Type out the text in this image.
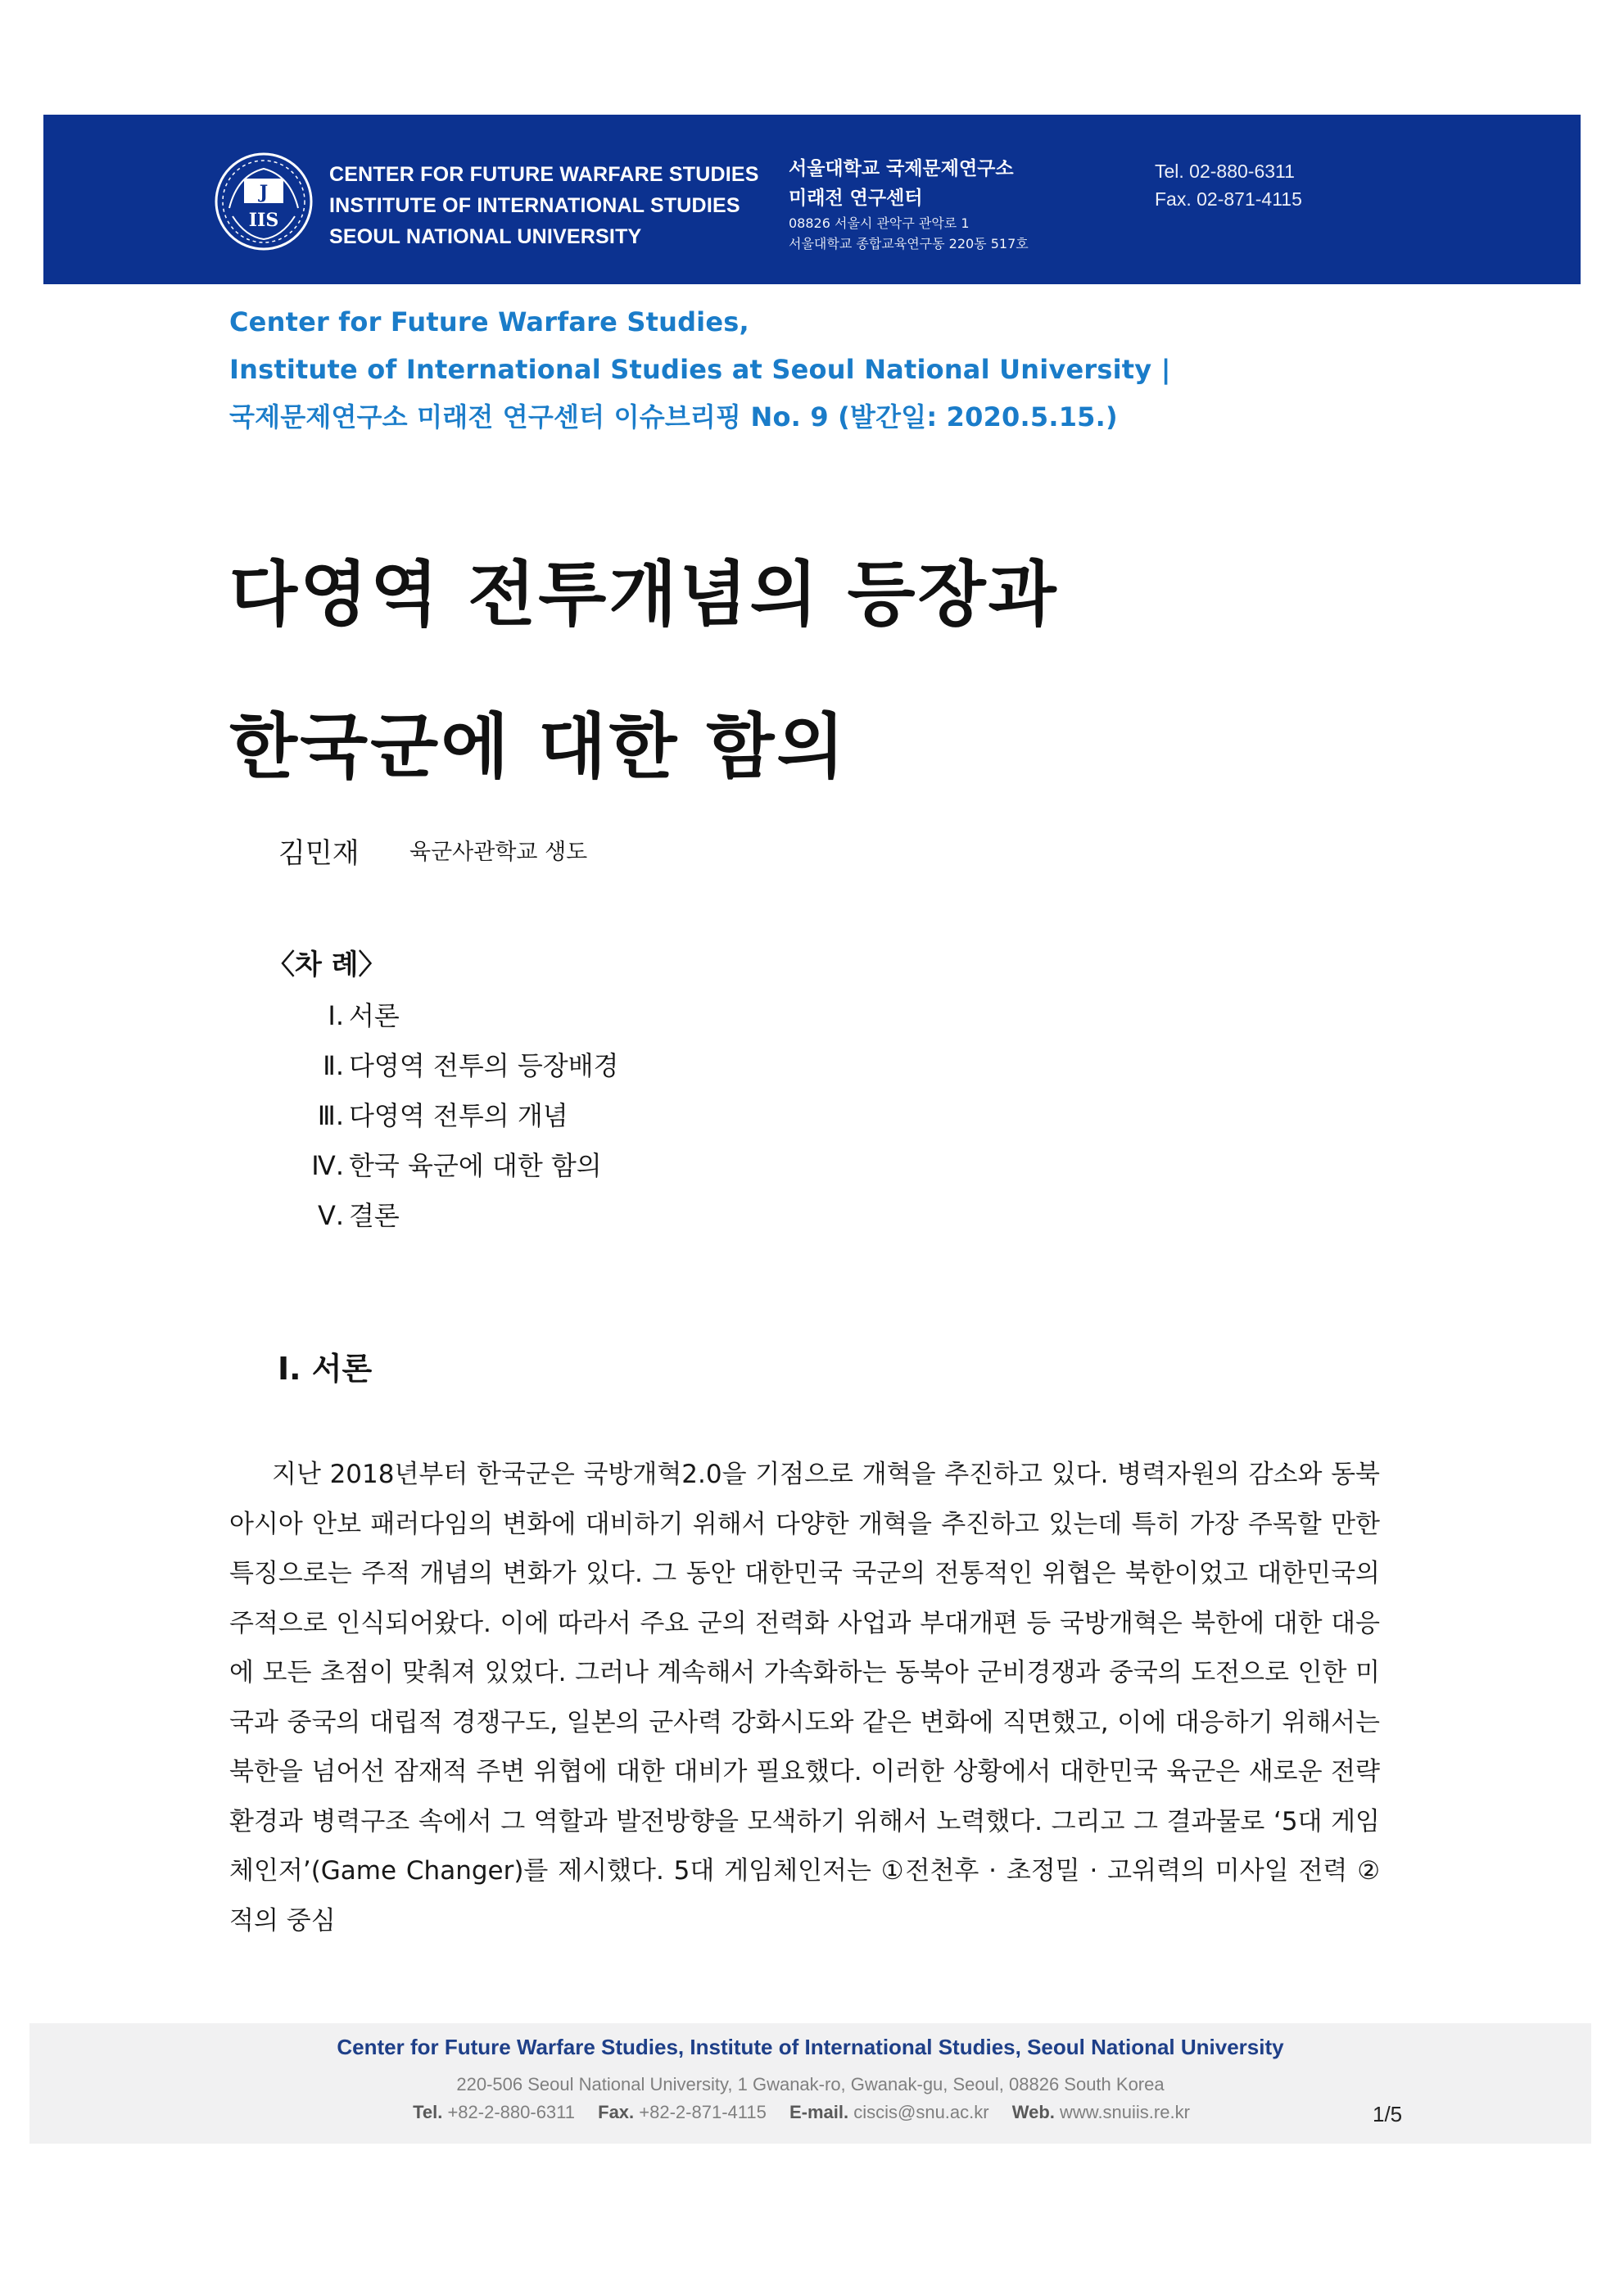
J
IIS
CENTER FOR FUTURE WARFARE STUDIES
INSTITUTE OF INTERNATIONAL STUDIES
SEOUL NATIONAL UNIVERSITY
서울대학교 국제문제연구소
미래전 연구센터
08826 서울시 관악구 관악로 1
서울대학교 종합교육연구동 220동 517호
Tel. 02-880-6311
Fax. 02-871-4115
Center for Future Warfare Studies,
Institute of International Studies at Seoul National University |
국제문제연구소 미래전 연구센터 이슈브리핑 No. 9 (발간일: 2020.5.15.)
다영역 전투개념의 등장과
한국군에 대한 함의
김민재 육군사관학교 생도
〈차 례〉
Ⅰ. 서론
Ⅱ. 다영역 전투의 등장배경
Ⅲ. 다영역 전투의 개념
Ⅳ. 한국 육군에 대한 함의
Ⅴ. 결론
Ⅰ. 서론
지난 2018년부터 한국군은 국방개혁2.0을 기점으로 개혁을 추진하고 있다. 병력자원의 감소와 동북아시아 안보 패러다임의 변화에 대비하기 위해서 다양한 개혁을 추진하고 있는데 특히 가장 주목할 만한 특징으로는 주적 개념의 변화가 있다. 그 동안 대한민국 국군의 전통적인 위협은 북한이었고 대한민국의 주적으로 인식되어왔다. 이에 따라서 주요 군의 전력화 사업과 부대개편 등 국방개혁은 북한에 대한 대응에 모든 초점이 맞춰져 있었다. 그러나 계속해서 가속화하는 동북아 군비경쟁과 중국의 도전으로 인한 미국과 중국의 대립적 경쟁구도, 일본의 군사력 강화시도와 같은 변화에 직면했고, 이에 대응하기 위해서는 북한을 넘어선 잠재적 주변 위협에 대한 대비가 필요했다. 이러한 상황에서 대한민국 육군은 새로운 전략환경과 병력구조 속에서 그 역할과 발전방향을 모색하기 위해서 노력했다. 그리고 그 결과물로 ‘5대 게임체인저’(Game Changer)를 제시했다. 5대 게임체인저는 ①전천후 · 초정밀 · 고위력의 미사일 전력 ②적의 중심
Center for Future Warfare Studies, Institute of International Studies, Seoul National University
220-506 Seoul National University, 1 Gwanak-ro, Gwanak-gu, Seoul, 08826 South Korea
Tel. +82-2-880-6311 Fax. +82-2-871-4115 E-mail. ciscis@snu.ac.kr Web. www.snuiis.re.kr	1/5
